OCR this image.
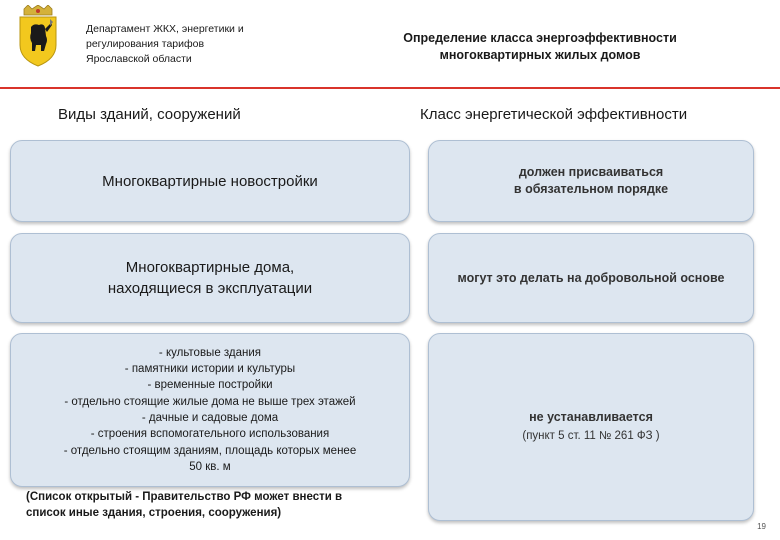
Департамент ЖКХ, энергетики и
регулирования тарифов
Ярославской области
Определение класса энергоэффективности
многоквартирных жилых домов
Виды зданий, сооружений	Класс энергетической эффективности
Многоквартирные новостройки
должен присваиваться
в обязательном порядке
Многоквартирные дома,
находящиеся в эксплуатации
могут это делать на добровольной основе
- культовые здания
- памятники истории и культуры
- временные постройки
- отдельно стоящие жилые дома не выше трех этажей
- дачные и садовые дома
- строения вспомогательного использования
- отдельно стоящим зданиям, площадь которых менее
50 кв. м
не устанавливается
(пункт 5 ст. 11 № 261 ФЗ )
(Список открытый - Правительство РФ может внести в
список иные здания, строения, сооружения)
19
